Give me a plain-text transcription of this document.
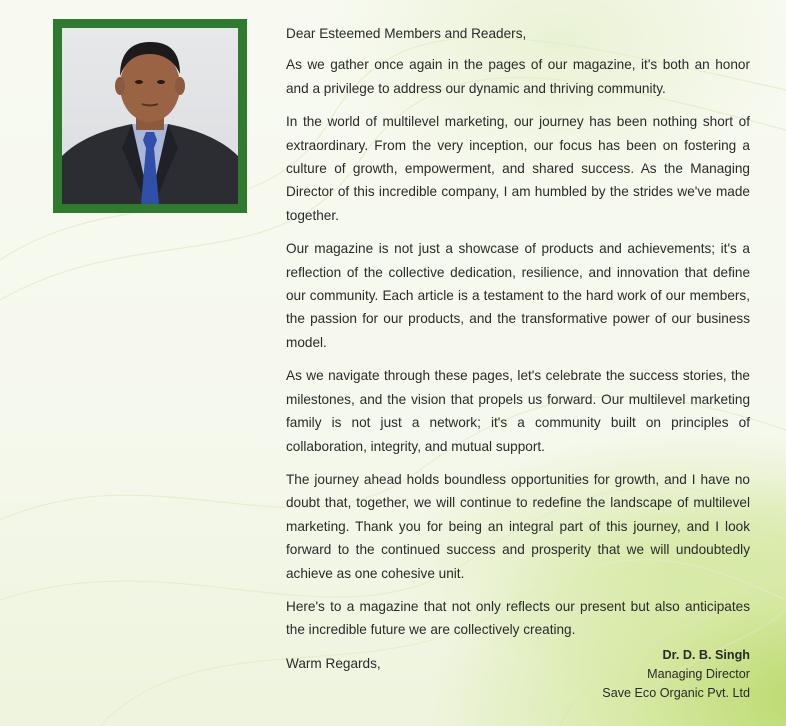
Dear Esteemed Members and Readers,

As we gather once again in the pages of our magazine, it's both an honor and a privilege to address our dynamic and thriving community.

In the world of multilevel marketing, our journey has been nothing short of extraordinary. From the very inception, our focus has been on fostering a culture of growth, empowerment, and shared success. As the Managing Director of this incredible company, I am humbled by the strides we've made together.

Our magazine is not just a showcase of products and achievements; it's a reflection of the collective dedication, resilience, and innovation that define our community. Each article is a testament to the hard work of our members, the passion for our products, and the transformative power of our business model.

As we navigate through these pages, let's celebrate the success stories, the milestones, and the vision that propels us forward. Our multilevel marketing family is not just a network; it's a community built on principles of collaboration, integrity, and mutual support.

The journey ahead holds boundless opportunities for growth, and I have no doubt that, together, we will continue to redefine the landscape of multilevel marketing. Thank you for being an integral part of this journey, and I look forward to the continued success and prosperity that we will undoubtedly achieve as one cohesive unit.

Here's to a magazine that not only reflects our present but also anticipates the incredible future we are collectively creating.

Warm Regards,

Dr. D. B. Singh
Managing Director
Save Eco Organic Pvt. Ltd
